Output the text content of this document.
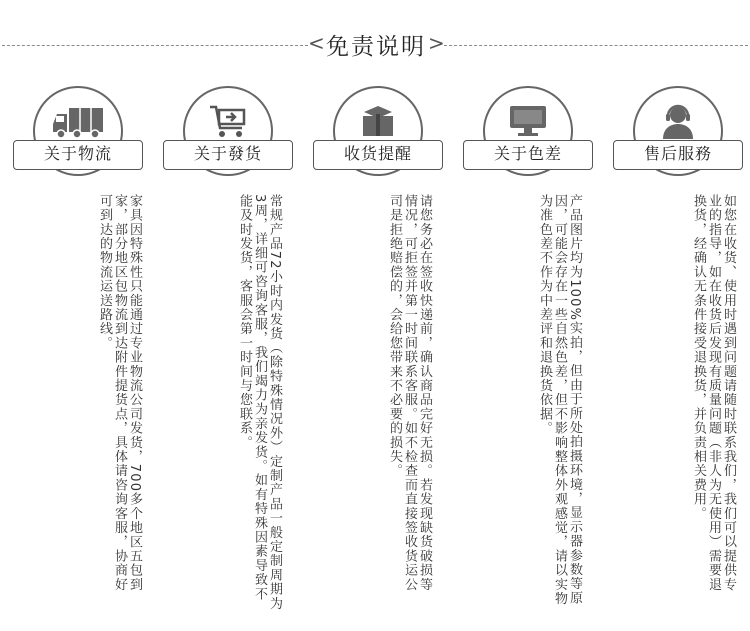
< 免责说明 >
关于物流
家具因特殊性只能通过专业物流公司发货，700多个地区五包到家，部分地区包物流到达附件提货点，具体请咨询客服，协商好可到达的物流运送路线。
关于發货
常规产品72小时内发货（除特殊情况外）定制产品一般定制周期为3周，详细可咨询客服，我们竭力为亲发货。如有特殊因素导致不能及时发货，客服会第一时间与您联系。
收货提醒
请您务必在签收快递前，确认商品完好无损。若发现缺货破损等情况，可拒签并第一时间联系客服。如不检查而直接签收货运公司是拒绝赔偿的，会给您带来不必要的损失。
关于色差
产品图片均为100%实拍，但由于所处拍摄环境，显示器参数等原因，可能会存在一些自然色差，但不影响整体外观感觉，请以实物为准色差不作为中差评和退换货依据。
售后服務
如您在收货、使用时遇到问题请随时联系我们，我们可以提供专业的指导，如在收货后发现有质量问题（非人为无使用）需要退换货，经确认无条件接受退换货，并负责相关费用。
